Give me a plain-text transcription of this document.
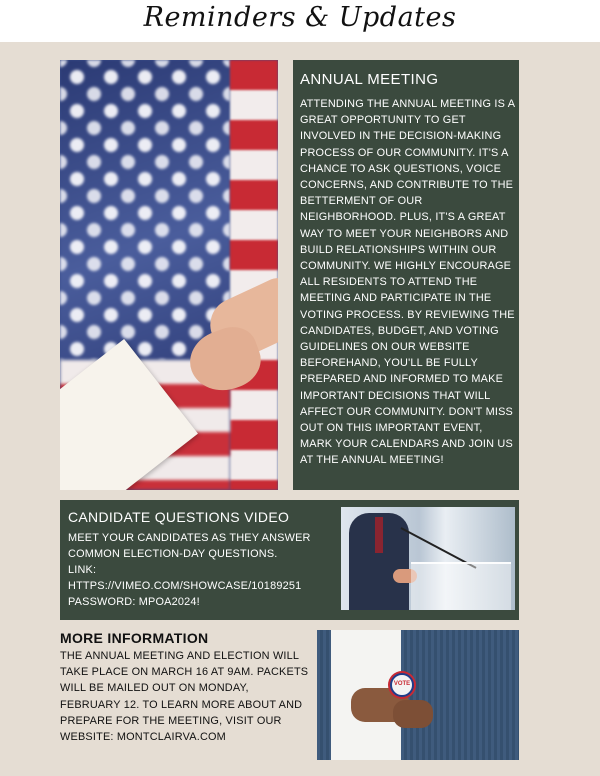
Reminders & Updates
ANNUAL MEETING
ATTENDING THE ANNUAL MEETING IS A GREAT OPPORTUNITY TO GET INVOLVED IN THE DECISION-MAKING PROCESS OF OUR COMMUNITY. IT'S A CHANCE TO ASK QUESTIONS, VOICE CONCERNS, AND CONTRIBUTE TO THE BETTERMENT OF OUR NEIGHBORHOOD. PLUS, IT'S A GREAT WAY TO MEET YOUR NEIGHBORS AND BUILD RELATIONSHIPS WITHIN OUR COMMUNITY. WE HIGHLY ENCOURAGE ALL RESIDENTS TO ATTEND THE MEETING AND PARTICIPATE IN THE VOTING PROCESS. BY REVIEWING THE CANDIDATES, BUDGET, AND VOTING GUIDELINES ON OUR WEBSITE BEFOREHAND, YOU'LL BE FULLY PREPARED AND INFORMED TO MAKE IMPORTANT DECISIONS THAT WILL AFFECT OUR COMMUNITY. DON'T MISS OUT ON THIS IMPORTANT EVENT, MARK YOUR CALENDARS AND JOIN US AT THE ANNUAL MEETING!
CANDIDATE QUESTIONS VIDEO
MEET YOUR CANDIDATES AS THEY ANSWER COMMON ELECTION-DAY QUESTIONS.
LINK:
HTTPS://VIMEO.COM/SHOWCASE/10189251
PASSWORD: MPOA2024!
MORE INFORMATION
THE ANNUAL MEETING AND ELECTION WILL TAKE PLACE ON MARCH 16 AT 9AM. PACKETS WILL BE MAILED OUT ON MONDAY, FEBRUARY 12. TO LEARN MORE ABOUT AND PREPARE FOR THE MEETING, VISIT OUR WEBSITE: MONTCLAIRVA.COM
VOTE
